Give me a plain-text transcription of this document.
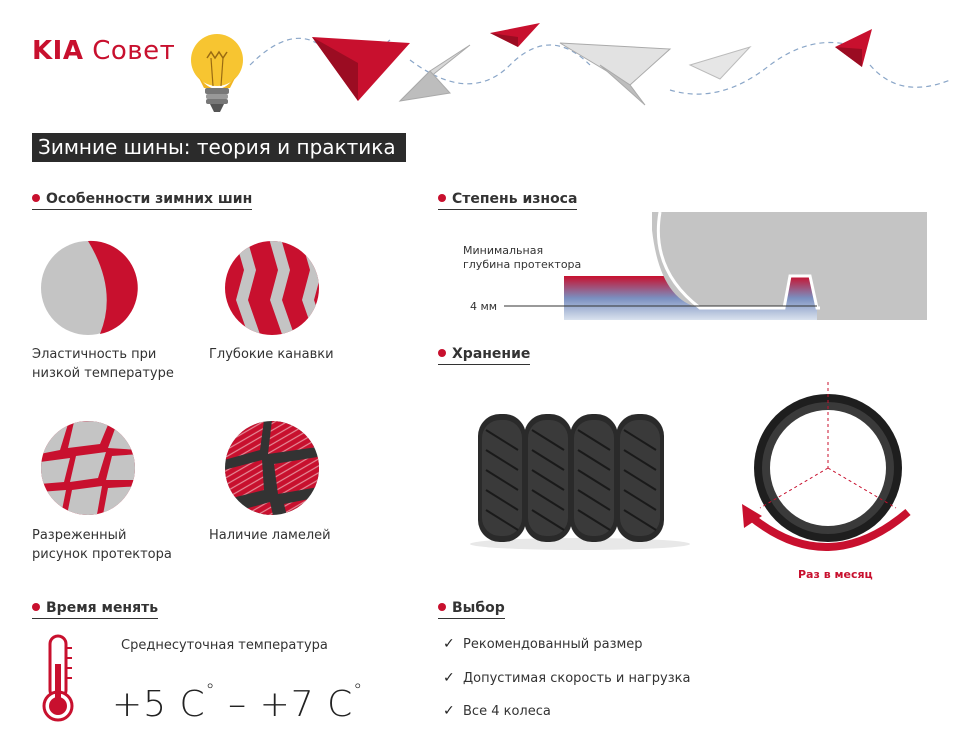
KIA Совет
Зимние шины: теория и практика
Особенности зимних шин
Эластичность при
низкой температуре
Глубокие канавки
Разреженный
рисунок протектора
Наличие ламелей
Степень износа
Минимальная
глубина протектора
4 мм
Хранение
Раз в месяц
Время менять
Среднесуточная температура
+5 C° – +7 C°
Выбор
✓ Рекомендованный размер
✓ Допустимая скорость и нагрузка
✓ Все 4 колеса
